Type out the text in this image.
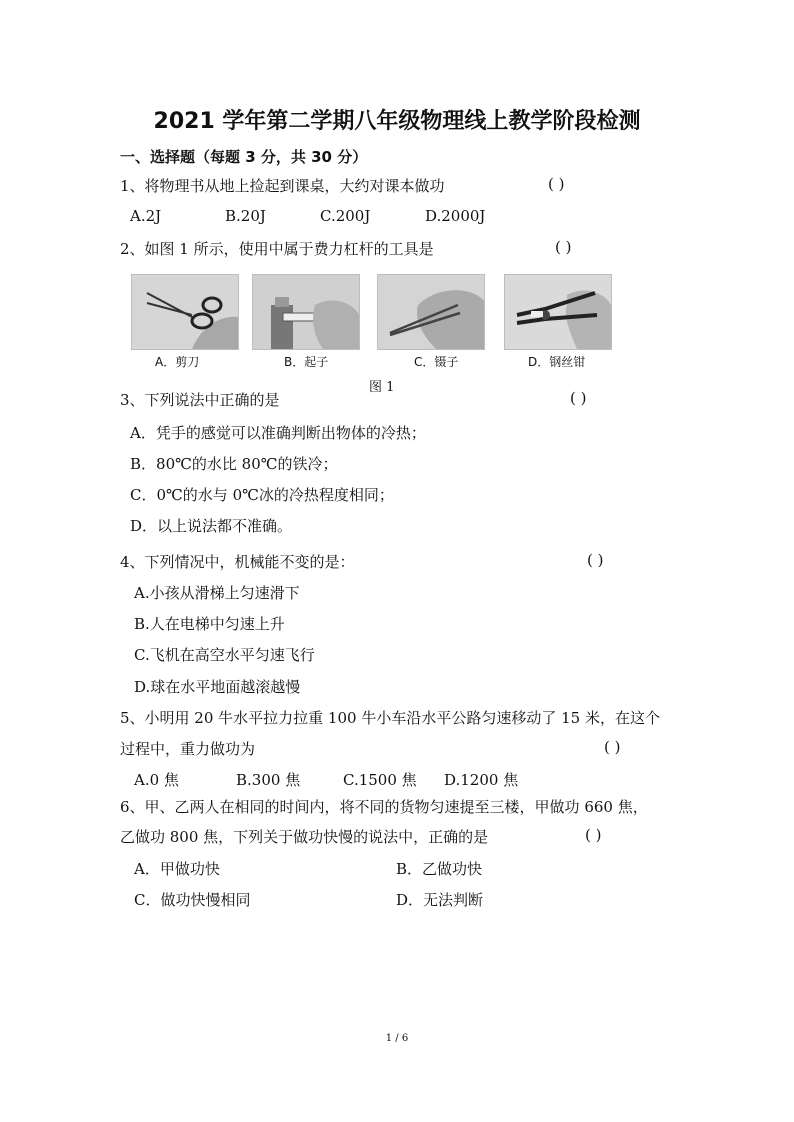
2021 学年第二学期八年级物理线上教学阶段检测
一、选择题（每题 3 分，共 30 分）
1、将物理书从地上捡起到课桌，大约对课本做功	( )
A.2J	B.20J	C.200J	D.2000J
2、如图 1 所示，使用中属于费力杠杆的工具是	( )
A．剪刀	B．起子	C．镊子	D．钢丝钳
图 1
3、下列说法中正确的是	( )
A．凭手的感觉可以准确判断出物体的冷热；
B．80℃的水比 80℃的铁冷；
C．0℃的水与 0℃冰的冷热程度相同；
D．以上说法都不准确。
4、下列情况中，机械能不变的是：	( )
A.小孩从滑梯上匀速滑下
B.人在电梯中匀速上升
C.飞机在高空水平匀速飞行
D.球在水平地面越滚越慢
5、小明用 20 牛水平拉力拉重 100 牛小车沿水平公路匀速移动了 15 米，在这个
过程中，重力做功为	( )
A.0 焦	B.300 焦	C.1500 焦 D.1200 焦
6、甲、乙两人在相同的时间内，将不同的货物匀速提至三楼，甲做功 660 焦，
乙做功 800 焦，下列关于做功快慢的说法中，正确的是	( )
A．甲做功快	B．乙做功快
C．做功快慢相同	D．无法判断
1 / 6
